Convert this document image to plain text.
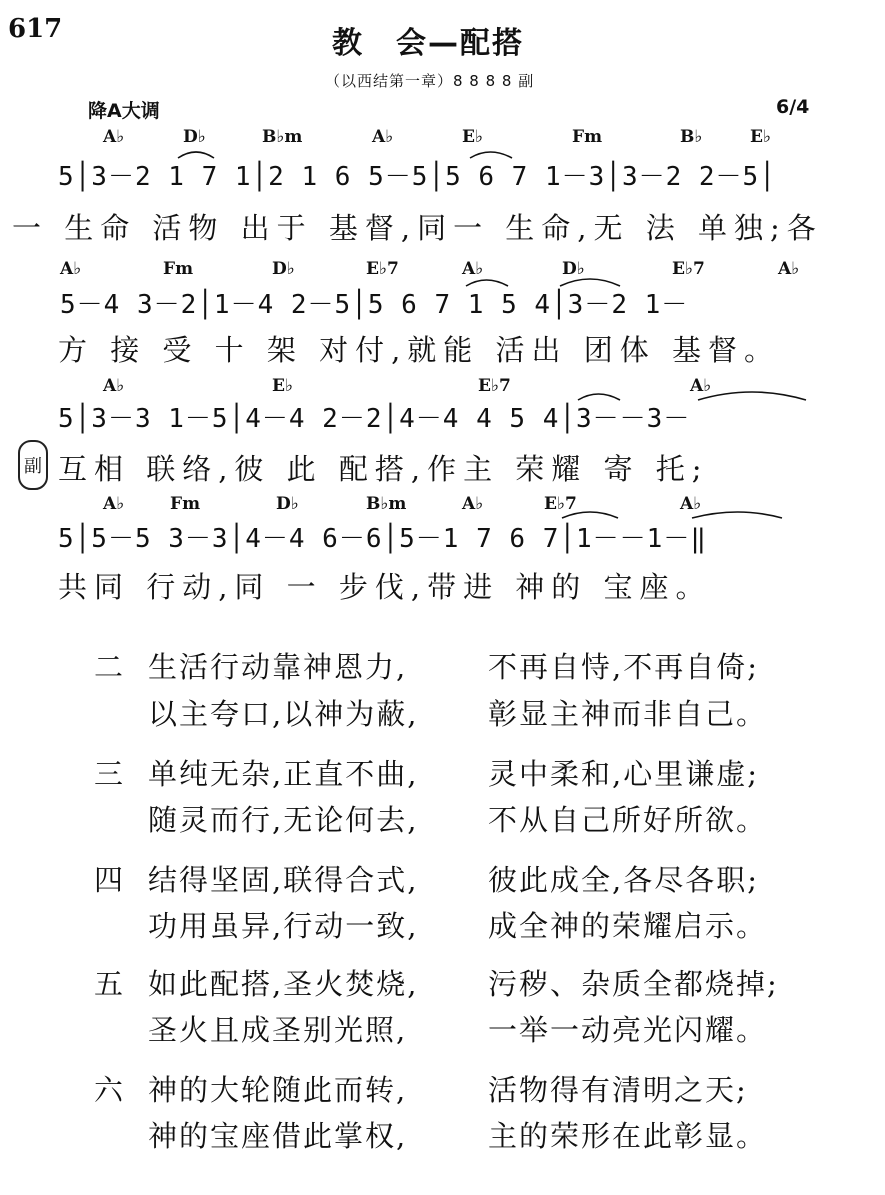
617	教　会—配搭
（以西结第一章）8 8 8 8 副
降A大调	6/4
A♭	D♭	B♭m	A♭	E♭	Fm	B♭	E♭
5│3－2 1 7 1│2 1 6 5－5│5 6 7 1－3│3－2 2－5│
一 生命 活物 出于 基督,同一 生命,无 法 单独;各
A♭	Fm	D♭	E♭7	A♭	D♭	E♭7	A♭
5－4 3－2│1－4 2－5│5 6 7 1 5 4│3－2 1－
方 接 受 十 架 对付,就能 活出 团体 基督。
A♭	E♭	E♭7	A♭
5│3－3 1－5│4－4 2－2│4－4 4 5 4│3－－3－
副 互相 联络,彼 此 配搭,作主 荣耀 寄 托;
A♭	Fm	D♭	B♭m	A♭	E♭7	A♭
5│5－5 3－3│4－4 6－6│5－1 7 6 7│1－－1－‖
共同 行动,同 一 步伐,带进 神的 宝座。
二 生活行动靠神恩力,	不再自恃,不再自倚;
以主夸口,以神为蔽, 彰显主神而非自己。
三 单纯无杂,正直不曲, 灵中柔和,心里谦虚;
随灵而行,无论何去, 不从自己所好所欲。
四 结得坚固,联得合式, 彼此成全,各尽各职;
功用虽异,行动一致, 成全神的荣耀启示。
五 如此配搭,圣火焚烧, 污秽、杂质全都烧掉;
圣火且成圣别光照,	一举一动亮光闪耀。
六 神的大轮随此而转,	活物得有清明之天;
神的宝座借此掌权,	主的荣形在此彰显。
